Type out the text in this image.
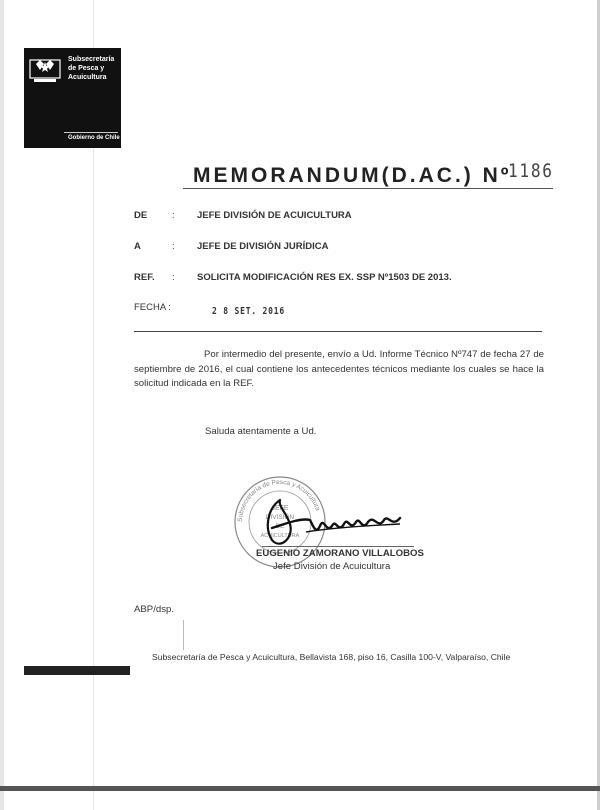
Subsecretaría
de Pesca y
Acuicultura
Gobierno de Chile
MEMORANDUM(D.AC.) Nº
1186
DE	: JEFE DIVISIÓN DE ACUICULTURA
A	: JEFE DE DIVISIÓN JURÍDICA
REF. : SOLICITA MODIFICACIÓN RES EX. SSP Nº1503 DE 2013.
FECHA :	2 8 SET. 2016
Por intermedio del presente, envío a Ud. Informe Técnico Nº747 de fecha 27 de septiembre de 2016, el cual contiene los antecedentes técnicos mediante los cuales se hace la solicitud indicada en la REF.
Saluda atentamente a Ud.
Subsecretaría de Pesca y Acuicultura
JEFE
DIVISIÓN
DE
ACUICULTURA
EUGENIO ZAMORANO VILLALOBOS
Jefe División de Acuicultura
ABP/dsp.
Subsecretaría de Pesca y Acuicultura, Bellavista 168, piso 16, Casilla 100-V, Valparaíso, Chile
